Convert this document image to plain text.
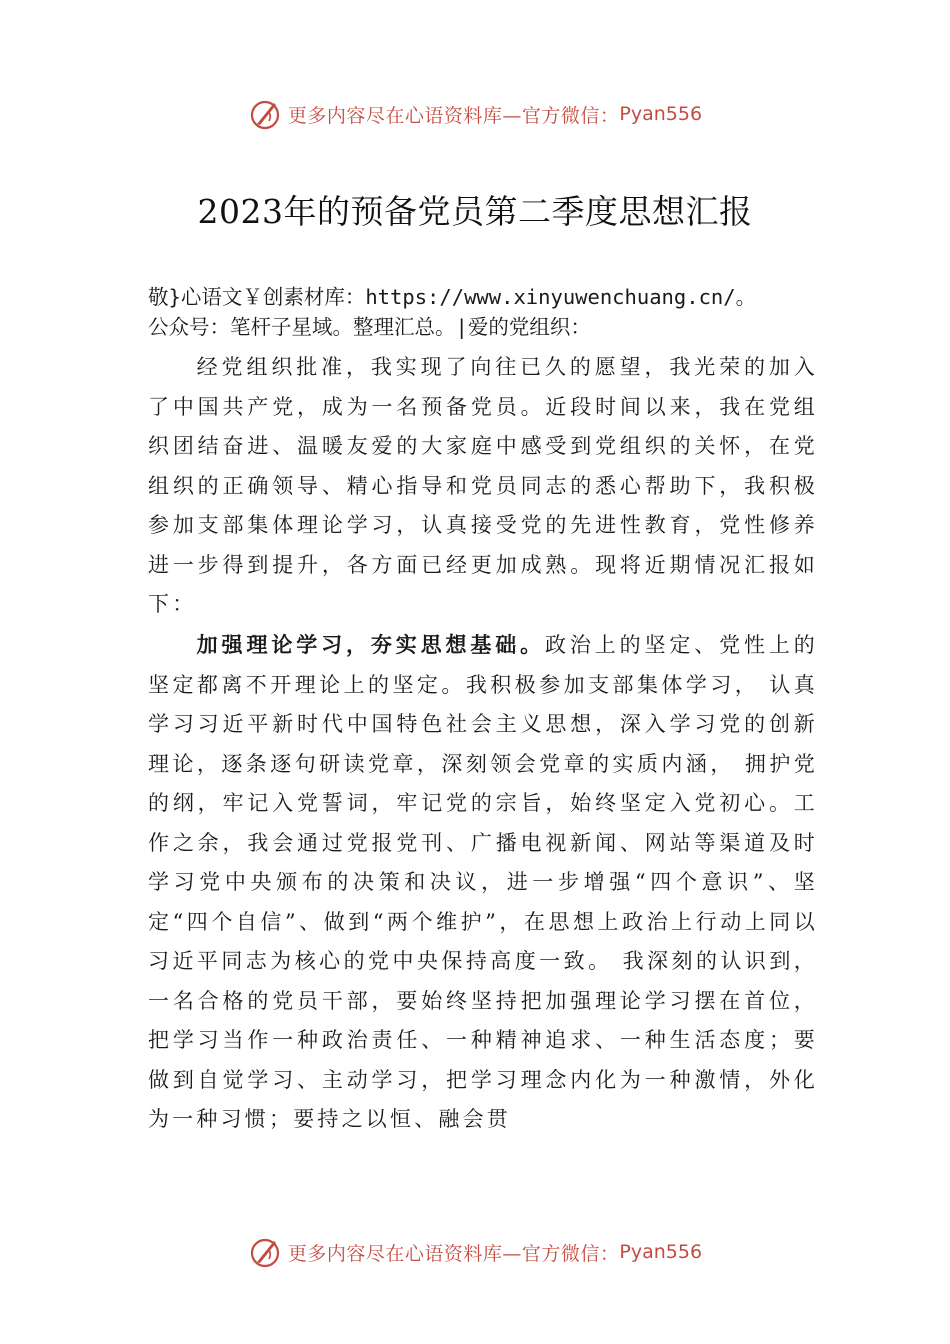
更多内容尽在心语资料库—官方微信： Pyan556
2023年的预备党员第二季度思想汇报
敬}心语文￥创素材库：https://www.xinyuwenchuang.cn/。
公众号：笔杆子星域。整理汇总。|爱的党组织：
经党组织批准，我实现了向往已久的愿望，我光荣的加入了中国共产党，成为一名预备党员。近段时间以来，我在党组织团结奋进、温暖友爱的大家庭中感受到党组织的关怀，在党组织的正确领导、精心指导和党员同志的悉心帮助下，我积极参加支部集体理论学习，认真接受党的先进性教育，党性修养进一步得到提升，各方面已经更加成熟。现将近期情况汇报如下：
加强理论学习，夯实思想基础。政治上的坚定、党性上的坚定都离不开理论上的坚定。我积极参加支部集体学习， 认真学习习近平新时代中国特色社会主义思想，深入学习党的创新理论，逐条逐句研读党章，深刻领会党章的实质内涵， 拥护党的纲，牢记入党誓词，牢记党的宗旨，始终坚定入党初心。工作之余，我会通过党报党刊、广播电视新闻、网站等渠道及时学习党中央颁布的决策和决议，进一步增强“四个意识”、坚定“四个自信”、做到“两个维护”，在思想上政治上行动上同以习近平同志为核心的党中央保持高度一致。 我深刻的认识到，一名合格的党员干部，要始终坚持把加强理论学习摆在首位，把学习当作一种政治责任、一种精神追求、一种生活态度；要做到自觉学习、主动学习，把学习理念内化为一种激情，外化为一种习惯；要持之以恒、融会贯
更多内容尽在心语资料库—官方微信： Pyan556
